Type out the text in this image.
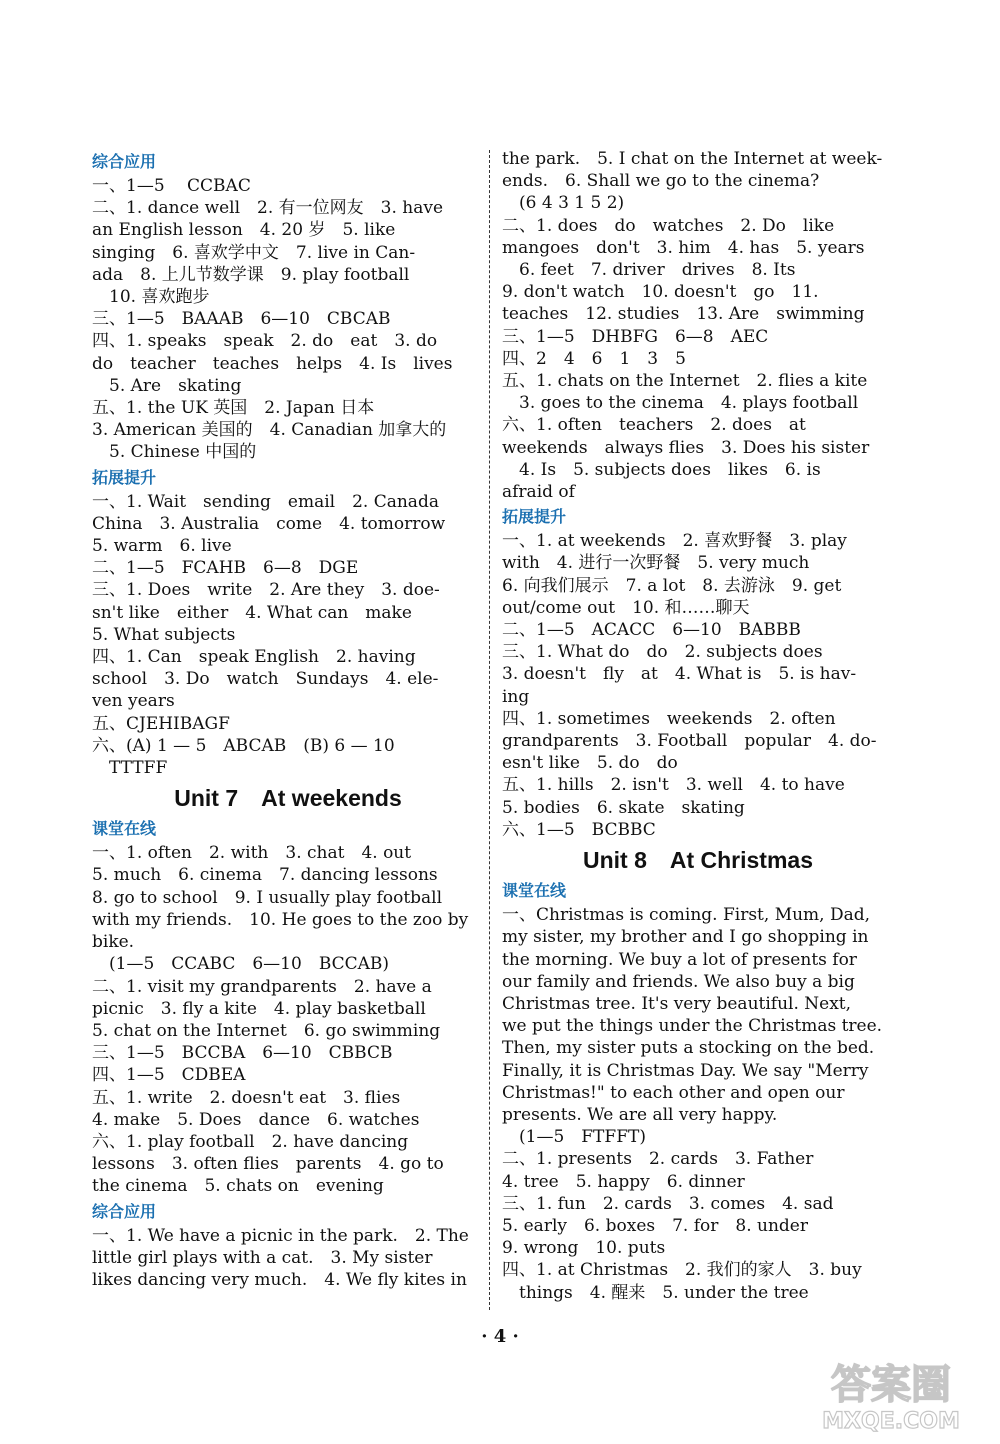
综合应用
一、1—5　 CCBAC
二、1. dance well　2. 有一位网友　3. have
an English lesson　4. 20 岁　5. like
singing　6. 喜欢学中文　7. live in Can-
ada　8. 上儿节数学课　9. play football
　10. 喜欢跑步
三、1—5　BAAAB　6—10　CBCAB
四、1. speaks　speak　2. do　eat　3. do
do　teacher　teaches　helps　4. Is　lives
　5. Are　skating
五、1. the UK 英国　2. Japan 日本
3. American 美国的　4. Canadian 加拿大的
　5. Chinese 中国的
拓展提升
一、1. Wait　sending　email　2. Canada
China　3. Australia　come　4. tomorrow
5. warm　6. live
二、1—5　FCAHB　6—8　DGE
三、1. Does　write　2. Are they　3. doe-
sn't like　either　4. What can　make
5. What subjects
四、1. Can　speak English　2. having
school　3. Do　watch　Sundays　4. ele-
ven years
五、CJEHIBAGF
六、(A) 1 — 5　ABCAB　(B) 6 — 10
　TTTFF
Unit 7　At weekends
课堂在线
一、1. often　2. with　3. chat　4. out
5. much　6. cinema　7. dancing lessons
8. go to school　9. I usually play football
with my friends.　10. He goes to the zoo by
bike.
　(1—5　CCABC　6—10　BCCAB)
二、1. visit my grandparents　2. have a
picnic　3. fly a kite　4. play basketball
5. chat on the Internet　6. go swimming
三、1—5　BCCBA　6—10　CBBCB
四、1—5　CDBEA
五、1. write　2. doesn't eat　3. flies
4. make　5. Does　dance　6. watches
六、1. play football　2. have dancing
lessons　3. often flies　parents　4. go to
the cinema　5. chats on　evening
综合应用
一、1. We have a picnic in the park.　2. The
little girl plays with a cat.　3. My sister
likes dancing very much.　4. We fly kites in
the park.　5. I chat on the Internet at week-
ends.　6. Shall we go to the cinema?
　(6 4 3 1 5 2)
二、1. does　do　watches　2. Do　like
mangoes　don't　3. him　4. has　5. years
　6. feet　7. driver　drives　8. Its
9. don't watch　10. doesn't　go　11.
teaches　12. studies　13. Are　swimming
三、1—5　DHBFG　6—8　AEC
四、2　4　6　1　3　5
五、1. chats on the Internet　2. flies a kite
　3. goes to the cinema　4. plays football
六、1. often　teachers　2. does　at
weekends　always flies　3. Does his sister
　4. Is　5. subjects does　likes　6. is
afraid of
拓展提升
一、1. at weekends　2. 喜欢野餐　3. play
with　4. 进行一次野餐　5. very much
6. 向我们展示　7. a lot　8. 去游泳　9. get
out/come out　10. 和……聊天
二、1—5　ACACC　6—10　BABBB
三、1. What do　do　2. subjects does
3. doesn't　fly　at　4. What is　5. is hav-
ing
四、1. sometimes　weekends　2. often
grandparents　3. Football　popular　4. do-
esn't like　5. do　do
五、1. hills　2. isn't　3. well　4. to have
5. bodies　6. skate　skating
六、1—5　BCBBC
Unit 8　At Christmas
课堂在线
一、Christmas is coming. First, Mum, Dad,
my sister, my brother and I go shopping in
the morning. We buy a lot of presents for
our family and friends. We also buy a big
Christmas tree. It's very beautiful. Next,
we put the things under the Christmas tree.
Then, my sister puts a stocking on the bed.
Finally, it is Christmas Day. We say "Merry
Christmas!" to each other and open our
presents. We are all very happy.
　(1—5　FTFFT)
二、1. presents　2. cards　3. Father
4. tree　5. happy　6. dinner
三、1. fun　2. cards　3. comes　4. sad
5. early　6. boxes　7. for　8. under
9. wrong　10. puts
四、1. at Christmas　2. 我们的家人　3. buy
　things　4. 醒来　5. under the tree
· 4 ·
答案圈
MXQE.COM
